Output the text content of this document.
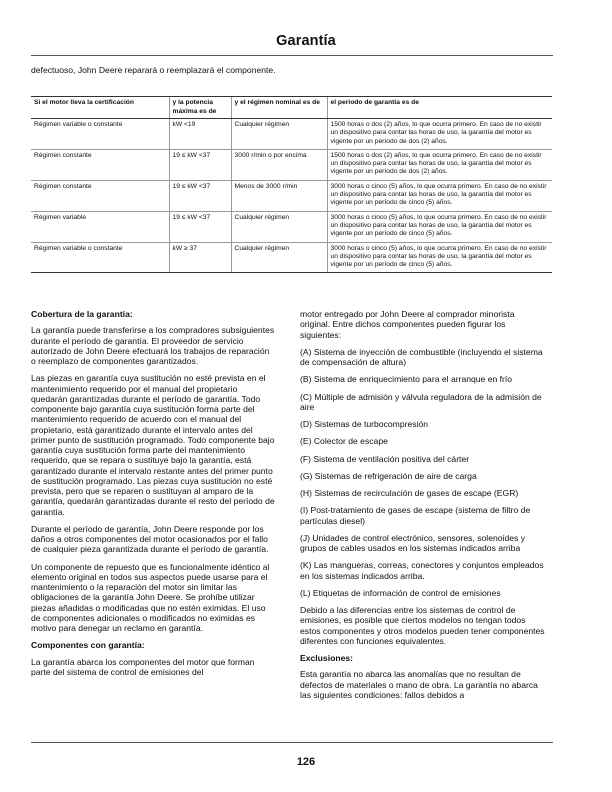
Garantía
defectuoso, John Deere reparará o reemplazará el componente.
Si el motor lleva la certificación	y la potencia máxima es de	y el régimen nominal es de	el periodo de garantía es de
Régimen variable o constante	kW <19	Cualquier régimen	1500 horas o dos (2) años, lo que ocurra primero. En caso de no existir un dispositivo para contar las horas de uso, la garantía del motor es vigente por un período de dos (2) años.
Régimen constante	19 ≤ kW <37	3000 r/min o por encima	1500 horas o dos (2) años, lo que ocurra primero. En caso de no existir un dispositivo para contar las horas de uso, la garantía del motor es vigente por un período de dos (2) años.
Régimen constante	19 ≤ kW <37	Menos de 3000 r/min	3000 horas o cinco (5) años, lo que ocurra primero. En caso de no existir un dispositivo para contar las horas de uso, la garantía del motor es vigente por un período de cinco (5) años.
Régimen variable	19 ≤ kW <37	Cualquier régimen	3000 horas o cinco (5) años, lo que ocurra primero. En caso de no existir un dispositivo para contar las horas de uso, la garantía del motor es vigente por un período de cinco (5) años.
Régimen variable o constante	kW ≥ 37	Cualquier régimen	3000 horas o cinco (5) años, lo que ocurra primero. En caso de no existir un dispositivo para contar las horas de uso, la garantía del motor es vigente por un período de cinco (5) años.
Cobertura de la garantía:

La garantía puede transferirse a los compradores subsiguientes durante el período de garantía. El proveedor de servicio autorizado de John Deere efectuará los trabajos de reparación o reemplazo de componentes garantizados.

Las piezas en garantía cuya sustitución no esté prevista en el mantenimiento requerido por el manual del propietario quedarán garantizadas durante el período de garantía. Todo componente bajo garantía cuya sustitución forma parte del mantenimiento requerido de acuerdo con el manual del propietario, está garantizado durante el intervalo antes del primer punto de sustitución programado. Todo componente bajo garantía cuya sustitución forma parte del mantenimiento requerido, que se repara o sustituye bajo la garantía, está garantizado durante el intervalo restante antes del primer punto de sustitución programado. Las piezas cuya sustitución no esté prevista, pero que se reparen o sustituyan al amparo de la garantía, quedarán garantizadas durante el resto del período de garantía.

Durante el período de garantía, John Deere responde por los daños a otros componentes del motor ocasionados por el fallo de cualquier pieza garantizada durante el período de garantía.

Un componente de repuesto que es funcionalmente idéntico al elemento original en todos sus aspectos puede usarse para el mantenimiento o la reparación del motor sin limitar las obligaciones de la garantía John Deere. Se prohíbe utilizar piezas añadidas o modificadas que no estén eximidas. El uso de componentes adicionales o modificados no eximidas es motivo para denegar un reclamo en garantía.

Componentes con garantía:

La garantía abarca los componentes del motor que forman parte del sistema de control de emisiones del

motor entregado por John Deere al comprador minorista original. Entre dichos componentes pueden figurar los siguientes:

(A) Sistema de inyección de combustible (incluyendo el sistema de compensación de altura)

(B) Sistema de enriquecimiento para el arranque en frío

(C) Múltiple de admisión y válvula reguladora de la admisión de aire

(D) Sistemas de turbocompresión

(E) Colector de escape

(F) Sistema de ventilación positiva del cárter

(G) Sistemas de refrigeración de aire de carga

(H) Sistemas de recirculación de gases de escape (EGR)

(I) Post-tratamiento de gases de escape (sistema de filtro de partículas diesel)

(J) Unidades de control electrónico, sensores, solenoides y grupos de cables usados en los sistemas indicados arriba

(K) Las mangueras, correas, conectores y conjuntos empleados en los sistemas indicados arriba.

(L) Etiquetas de información de control de emisiones

Debido a las diferencias entre los sistemas de control de emisiones, es posible que ciertos modelos no tengan todos estos componentes y otros modelos pueden tener componentes diferentes con funciones equivalentes.

Exclusiones:

Esta garantía no abarca las anomalías que no resultan de defectos de materiales o mano de obra. La garantía no abarca las siguientes condiciones: fallos debidos a

126
